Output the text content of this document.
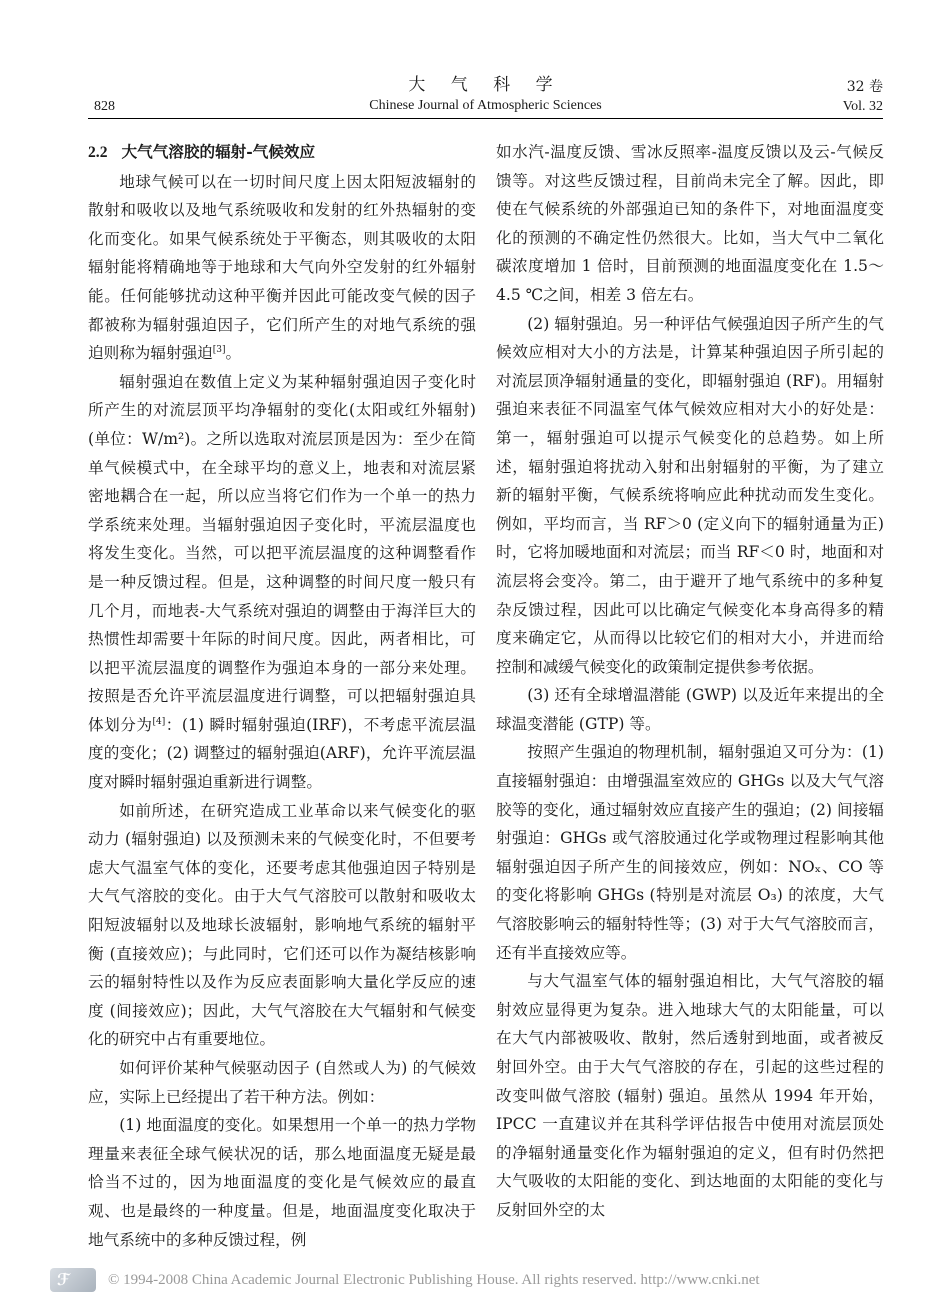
大 气 科 学
Chinese Journal of Atmospheric Sciences
828
32 卷
Vol. 32
2.2 大气气溶胶的辐射-气候效应

地球气候可以在一切时间尺度上因太阳短波辐射的散射和吸收以及地气系统吸收和发射的红外热辐射的变化而变化。如果气候系统处于平衡态，则其吸收的太阳辐射能将精确地等于地球和大气向外空发射的红外辐射能。任何能够扰动这种平衡并因此可能改变气候的因子都被称为辐射强迫因子，它们所产生的对地气系统的强迫则称为辐射强迫[3]。

辐射强迫在数值上定义为某种辐射强迫因子变化时所产生的对流层顶平均净辐射的变化(太阳或红外辐射)(单位：W/m²)。之所以选取对流层顶是因为：至少在简单气候模式中，在全球平均的意义上，地表和对流层紧密地耦合在一起，所以应当将它们作为一个单一的热力学系统来处理。当辐射强迫因子变化时，平流层温度也将发生变化。当然，可以把平流层温度的这种调整看作是一种反馈过程。但是，这种调整的时间尺度一般只有几个月，而地表-大气系统对强迫的调整由于海洋巨大的热惯性却需要十年际的时间尺度。因此，两者相比，可以把平流层温度的调整作为强迫本身的一部分来处理。按照是否允许平流层温度进行调整，可以把辐射强迫具体划分为[4]：(1) 瞬时辐射强迫(IRF)，不考虑平流层温度的变化；(2) 调整过的辐射强迫(ARF)，允许平流层温度对瞬时辐射强迫重新进行调整。

如前所述，在研究造成工业革命以来气候变化的驱动力 (辐射强迫) 以及预测未来的气候变化时，不但要考虑大气温室气体的变化，还要考虑其他强迫因子特别是大气气溶胶的变化。由于大气气溶胶可以散射和吸收太阳短波辐射以及地球长波辐射，影响地气系统的辐射平衡 (直接效应)；与此同时，它们还可以作为凝结核影响云的辐射特性以及作为反应表面影响大量化学反应的速度 (间接效应)；因此，大气气溶胶在大气辐射和气候变化的研究中占有重要地位。

如何评价某种气候驱动因子 (自然或人为) 的气候效应，实际上已经提出了若干种方法。例如：

(1) 地面温度的变化。如果想用一个单一的热力学物理量来表征全球气候状况的话，那么地面温度无疑是最恰当不过的，因为地面温度的变化是气候效应的最直观、也是最终的一种度量。但是，地面温度变化取决于地气系统中的多种反馈过程，例

如水汽-温度反馈、雪冰反照率-温度反馈以及云-气候反馈等。对这些反馈过程，目前尚未完全了解。因此，即使在气候系统的外部强迫已知的条件下，对地面温度变化的预测的不确定性仍然很大。比如，当大气中二氧化碳浓度增加 1 倍时，目前预测的地面温度变化在 1.5～4.5 ℃之间，相差 3 倍左右。

(2) 辐射强迫。另一种评估气候强迫因子所产生的气候效应相对大小的方法是，计算某种强迫因子所引起的对流层顶净辐射通量的变化，即辐射强迫 (RF)。用辐射强迫来表征不同温室气体气候效应相对大小的好处是：第一，辐射强迫可以提示气候变化的总趋势。如上所述，辐射强迫将扰动入射和出射辐射的平衡，为了建立新的辐射平衡，气候系统将响应此种扰动而发生变化。例如，平均而言，当 RF＞0 (定义向下的辐射通量为正) 时，它将加暖地面和对流层；而当 RF＜0 时，地面和对流层将会变冷。第二，由于避开了地气系统中的多种复杂反馈过程，因此可以比确定气候变化本身高得多的精度来确定它，从而得以比较它们的相对大小，并进而给控制和减缓气候变化的政策制定提供参考依据。

(3) 还有全球增温潜能 (GWP) 以及近年来提出的全球温变潜能 (GTP) 等。

按照产生强迫的物理机制，辐射强迫又可分为：(1) 直接辐射强迫：由增强温室效应的 GHGs 以及大气气溶胶等的变化，通过辐射效应直接产生的强迫；(2) 间接辐射强迫：GHGs 或气溶胶通过化学或物理过程影响其他辐射强迫因子所产生的间接效应，例如：NOₓ、CO 等的变化将影响 GHGs (特别是对流层 O₃) 的浓度，大气气溶胶影响云的辐射特性等；(3) 对于大气气溶胶而言，还有半直接效应等。

与大气温室气体的辐射强迫相比，大气气溶胶的辐射效应显得更为复杂。进入地球大气的太阳能量，可以在大气内部被吸收、散射，然后透射到地面，或者被反射回外空。由于大气气溶胶的存在，引起的这些过程的改变叫做气溶胶 (辐射) 强迫。虽然从 1994 年开始，IPCC 一直建议并在其科学评估报告中使用对流层顶处的净辐射通量变化作为辐射强迫的定义，但有时仍然把大气吸收的太阳能的变化、到达地面的太阳能的变化与反射回外空的太

ℱ	© 1994-2008 China Academic Journal Electronic Publishing House. All rights reserved. http://www.cnki.net
